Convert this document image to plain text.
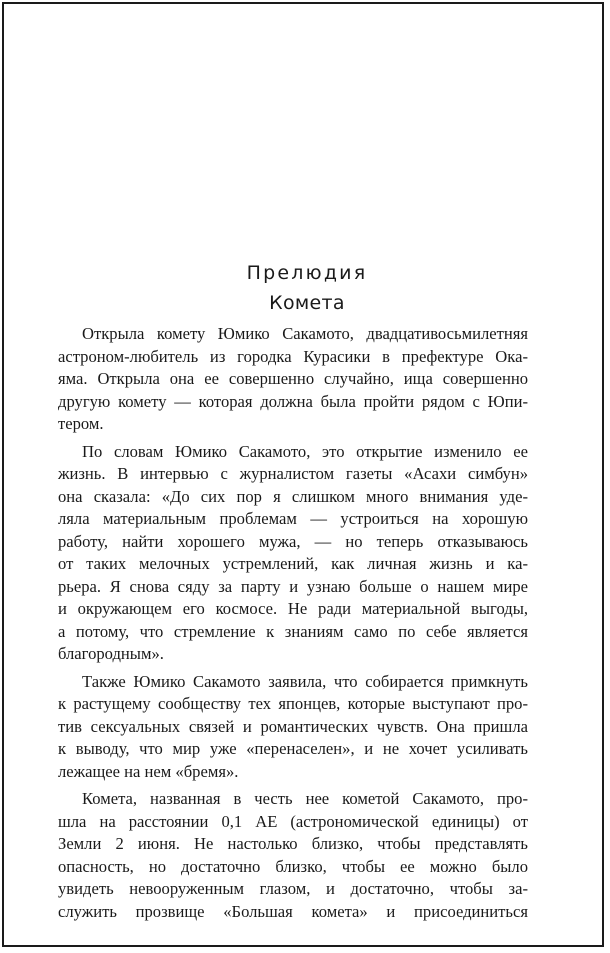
Прелюдия
Комета
Открыла комету Юмико Сакамото, двадцативосьмилетняя
астроном-любитель из городка Курасики в префектуре Ока-
яма. Открыла она ее совершенно случайно, ища совершенно
другую комету — которая должна была пройти рядом с Юпи-
тером.
По словам Юмико Сакамото, это открытие изменило ее
жизнь. В интервью с журналистом газеты «Асахи симбун»
она сказала: «До сих пор я слишком много внимания уде-
ляла материальным проблемам — устроиться на хорошую
работу, найти хорошего мужа, — но теперь отказываюсь
от таких мелочных устремлений, как личная жизнь и ка-
рьера. Я снова сяду за парту и узнаю больше о нашем мире
и окружающем его космосе. Не ради материальной выгоды,
а потому, что стремление к знаниям само по себе является
благородным».
Также Юмико Сакамото заявила, что собирается примкнуть
к растущему сообществу тех японцев, которые выступают про-
тив сексуальных связей и романтических чувств. Она пришла
к выводу, что мир уже «перенаселен», и не хочет усиливать
лежащее на нем «бремя».
Комета, названная в честь нее кометой Сакамото, про-
шла на расстоянии 0,1 АЕ (астрономической единицы) от
Земли 2 июня. Не настолько близко, чтобы представлять
опасность, но достаточно близко, чтобы ее можно было
увидеть невооруженным глазом, и достаточно, чтобы за-
служить прозвище «Большая комета» и присоединиться
